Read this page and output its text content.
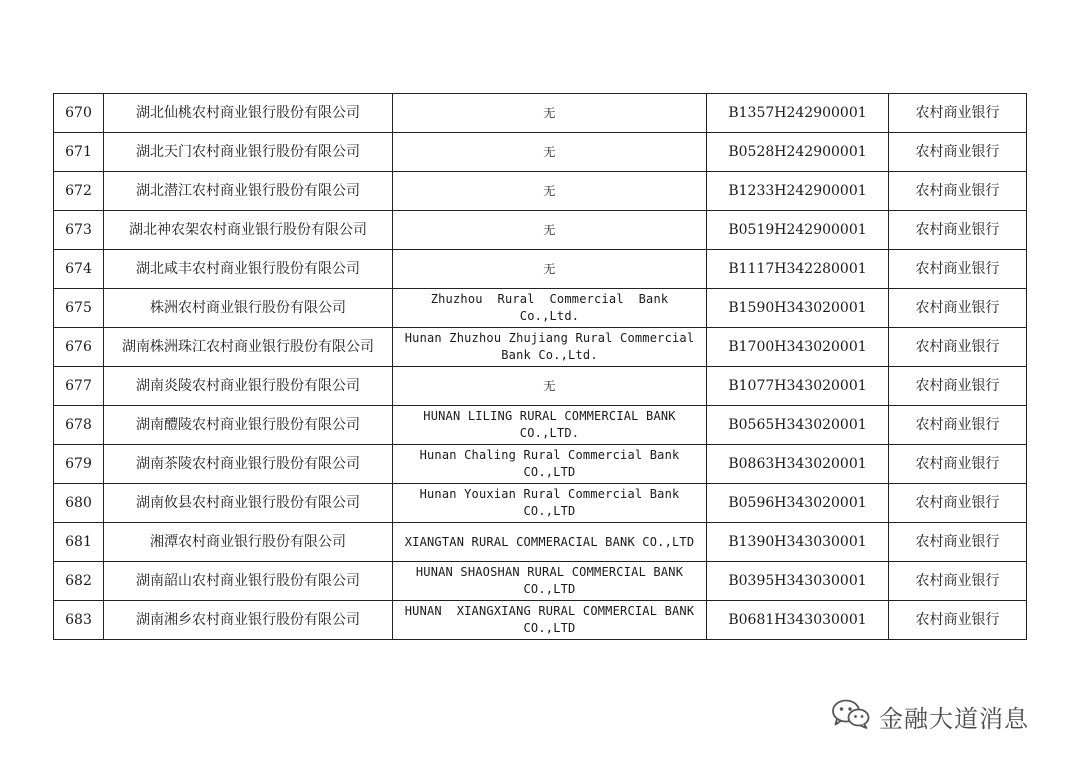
670	湖北仙桃农村商业银行股份有限公司	无	B1357H242900001	农村商业银行
671	湖北天门农村商业银行股份有限公司	无	B0528H242900001	农村商业银行
672	湖北潜江农村商业银行股份有限公司	无	B1233H242900001	农村商业银行
673	湖北神农架农村商业银行股份有限公司	无	B0519H242900001	农村商业银行
674	湖北咸丰农村商业银行股份有限公司	无	B1117H342280001	农村商业银行
675	株洲农村商业银行股份有限公司	Zhuzhou  Rural  Commercial  Bank
Co.,Ltd.	B1590H343020001	农村商业银行
676	湖南株洲珠江农村商业银行股份有限公司	Hunan Zhuzhou Zhujiang Rural Commercial
Bank Co.,Ltd.	B1700H343020001	农村商业银行
677	湖南炎陵农村商业银行股份有限公司	无	B1077H343020001	农村商业银行
678	湖南醴陵农村商业银行股份有限公司	HUNAN LILING RURAL COMMERCIAL BANK
CO.,LTD.	B0565H343020001	农村商业银行
679	湖南茶陵农村商业银行股份有限公司	Hunan Chaling Rural Commercial Bank
CO.,LTD	B0863H343020001	农村商业银行
680	湖南攸县农村商业银行股份有限公司	Hunan Youxian Rural Commercial Bank
CO.,LTD	B0596H343020001	农村商业银行
681	湘潭农村商业银行股份有限公司	XIANGTAN RURAL COMMERACIAL BANK CO.,LTD	B1390H343030001	农村商业银行
682	湖南韶山农村商业银行股份有限公司	HUNAN SHAOSHAN RURAL COMMERCIAL BANK
CO.,LTD	B0395H343030001	农村商业银行
683	湖南湘乡农村商业银行股份有限公司	HUNAN  XIANGXIANG RURAL COMMERCIAL BANK
CO.,LTD	B0681H343030001	农村商业银行
金融大道消息
